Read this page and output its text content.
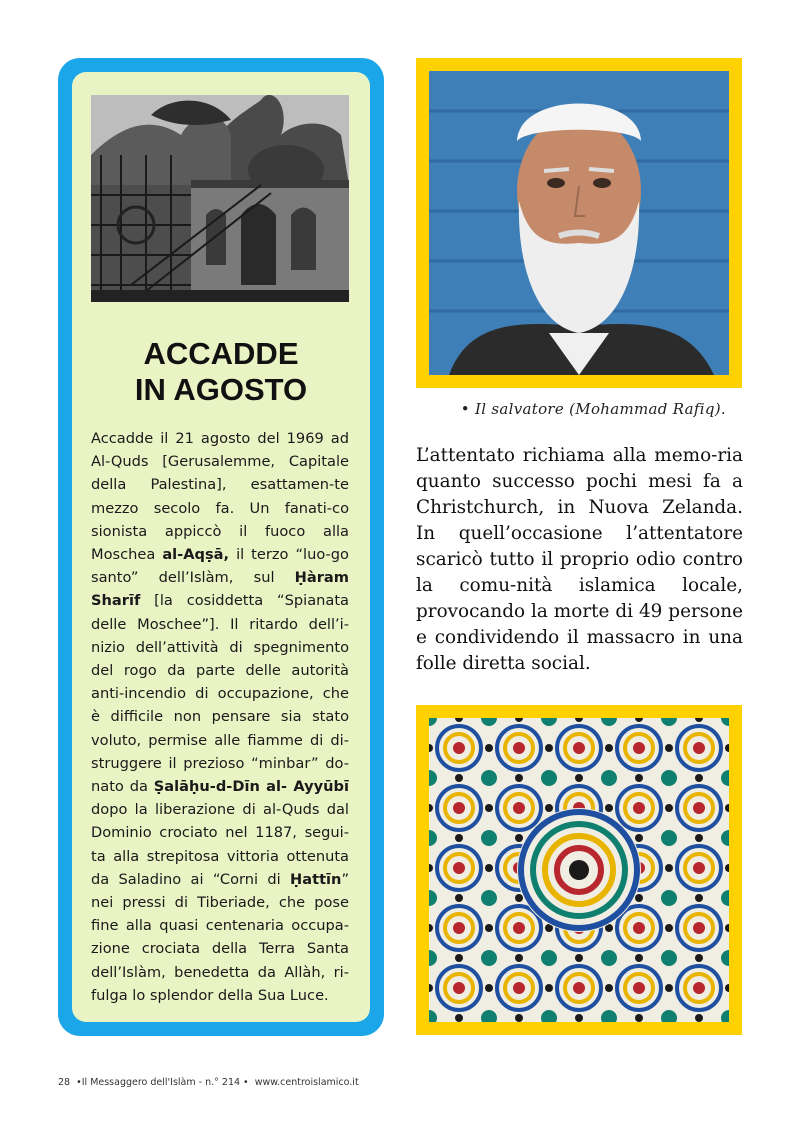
ACCADDE
IN AGOSTO
Accadde il 21 agosto del 1969 ad Al-Quds [Gerusalemme, Capitale della Palestina], esattamen-te mezzo secolo fa. Un fanati-co sionista appiccò il fuoco alla Moschea al-Aqṣā, il terzo “luo-go santo” dell’Islàm, sul Ḥàram Sharīf [la cosiddetta “Spianata delle Moschee”]. Il ritardo dell’i-nizio dell’attività di spegnimento del rogo da parte delle autorità anti-incendio di occupazione, che è difficile non pensare sia stato voluto, permise alle fiamme di di-struggere il prezioso “minbar” do-nato da Ṣalāḥu-d-Dīn al- Ayyūbī dopo la liberazione di al-Quds dal Dominio crociato nel 1187, segui-ta alla strepitosa vittoria ottenuta da Saladino ai “Corni di Ḥattīn” nei pressi di Tiberiade, che pose fine alla quasi centenaria occupa-zione crociata della Terra Santa dell’Islàm, benedetta da Allàh, ri-fulga lo splendor della Sua Luce.
• Il salvatore (Mohammad Rafiq).
L’attentato richiama alla memo-ria quanto successo pochi mesi fa a Christchurch, in Nuova Zelanda. In quell’occasione l’attentatore scaricò tutto il proprio odio contro la comu-nità islamica locale, provocando la morte di 49 persone e condividendo il massacro in una folle diretta social.
28 •Il Messaggero dell'Islàm - n.° 214 • www.centroislamico.it
